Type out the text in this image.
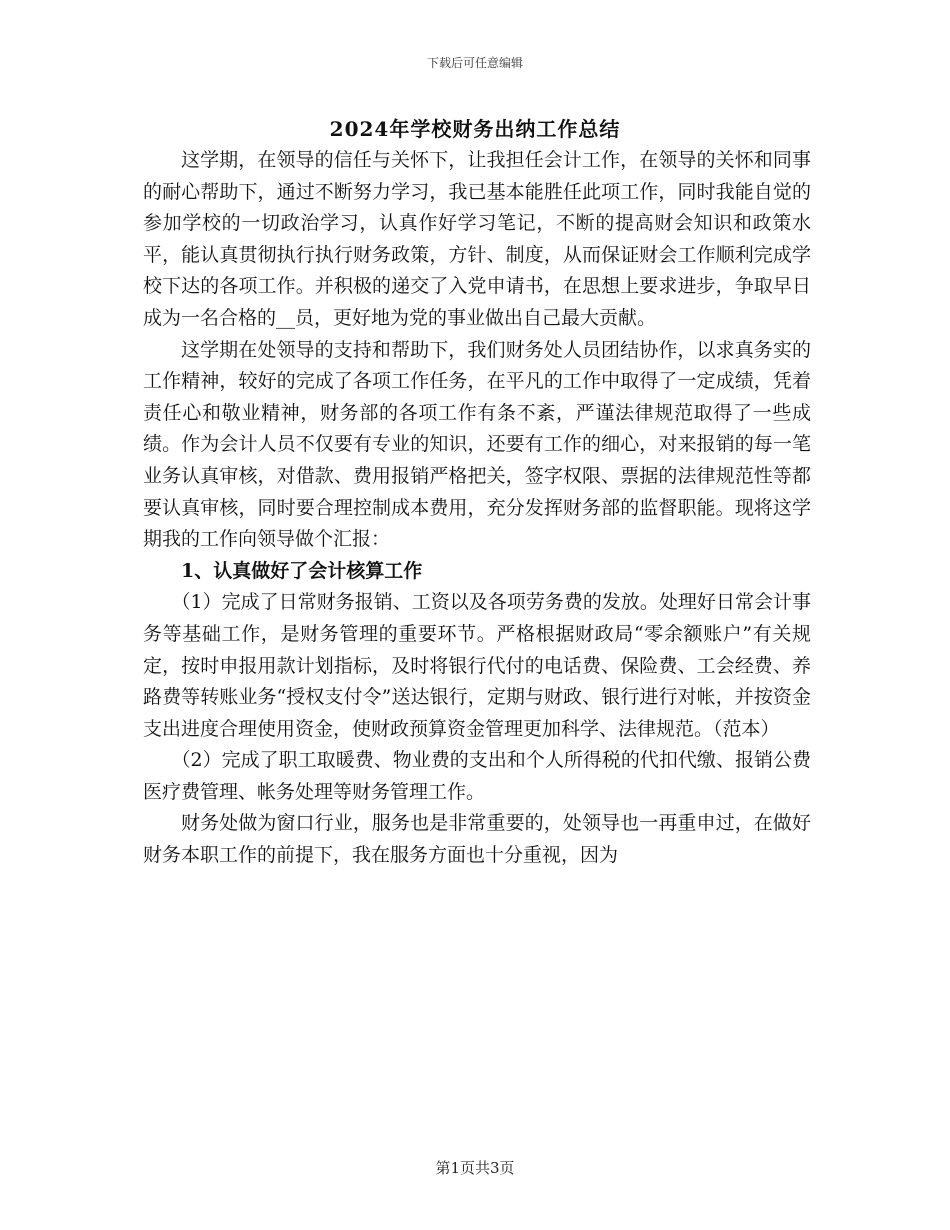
下载后可任意编辑
2024年学校财务出纳工作总结

这学期，在领导的信任与关怀下，让我担任会计工作，在领导的关怀和同事的耐心帮助下，通过不断努力学习，我已基本能胜任此项工作，同时我能自觉的参加学校的一切政治学习，认真作好学习笔记，不断的提高财会知识和政策水平，能认真贯彻执行执行财务政策，方针、制度，从而保证财会工作顺利完成学校下达的各项工作。并积极的递交了入党申请书，在思想上要求进步，争取早日成为一名合格的__员，更好地为党的事业做出自己最大贡献。

这学期在处领导的支持和帮助下，我们财务处人员团结协作，以求真务实的工作精神，较好的完成了各项工作任务，在平凡的工作中取得了一定成绩，凭着责任心和敬业精神，财务部的各项工作有条不紊，严谨法律规范取得了一些成绩。作为会计人员不仅要有专业的知识，还要有工作的细心，对来报销的每一笔业务认真审核，对借款、费用报销严格把关，签字权限、票据的法律规范性等都要认真审核，同时要合理控制成本费用，充分发挥财务部的监督职能。现将这学期我的工作向领导做个汇报：

1、认真做好了会计核算工作

（1）完成了日常财务报销、工资以及各项劳务费的发放。处理好日常会计事务等基础工作，是财务管理的重要环节。严格根据财政局“零余额账户”有关规定，按时申报用款计划指标，及时将银行代付的电话费、保险费、工会经费、养路费等转账业务“授权支付令”送达银行，定期与财政、银行进行对帐，并按资金支出进度合理使用资金，使财政预算资金管理更加科学、法律规范。（范本）

（2）完成了职工取暖费、物业费的支出和个人所得税的代扣代缴、报销公费医疗费管理、帐务处理等财务管理工作。

财务处做为窗口行业，服务也是非常重要的，处领导也一再重申过，在做好财务本职工作的前提下，我在服务方面也十分重视，因为

第1页共3页
